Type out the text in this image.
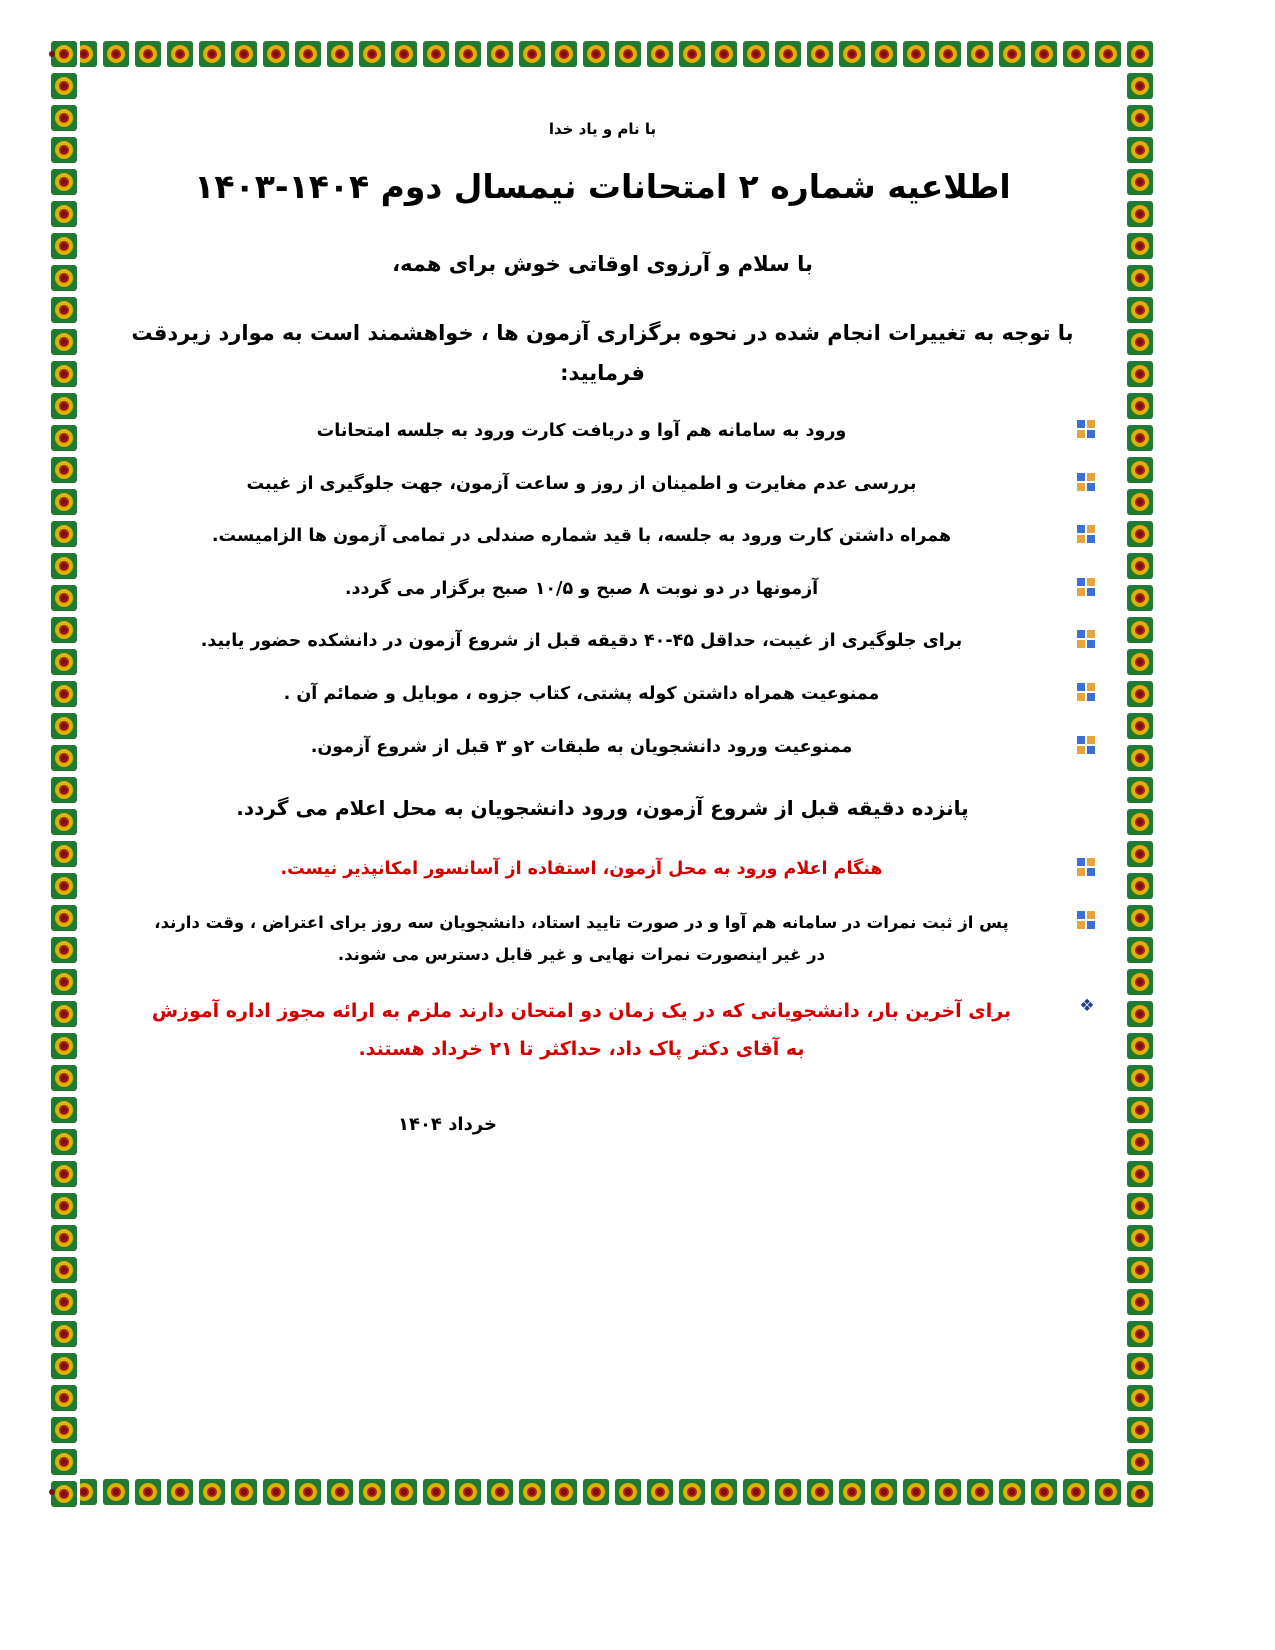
با نام و یاد خدا
اطلاعیه شماره ۲ امتحانات نیمسال دوم ۱۴۰۴-۱۴۰۳
با سلام و آرزوی اوقاتی خوش برای همه،
با توجه به تغییرات انجام شده در نحوه برگزاری آزمون ها ، خواهشمند است به موارد زیردقت فرمایید:
ورود به سامانه هم آوا و دریافت کارت ورود به جلسه امتحانات
بررسی عدم مغایرت و اطمینان از روز و ساعت آزمون، جهت جلوگیری از غیبت
همراه داشتن کارت ورود به جلسه، با قید شماره صندلی در تمامی آزمون ها الزامیست.
آزمونها در دو نوبت ۸ صبح و ۱۰/۵ صبح برگزار می گردد.
برای جلوگیری از غیبت، حداقل ۴۵-۴۰ دقیقه قبل از شروع آزمون در دانشکده حضور یابید.
ممنوعیت همراه داشتن کوله پشتی، کتاب جزوه ، موبایل و ضمائم آن .
ممنوعیت ورود دانشجویان به طبقات ۲و ۳ قبل از شروع آزمون.
پانزده دقیقه قبل از شروع آزمون، ورود دانشجویان به محل اعلام می گردد.
هنگام اعلام ورود به محل آزمون، استفاده از آسانسور امکانپذیر نیست.
پس از ثبت نمرات در سامانه هم آوا و در صورت تایید استاد، دانشجویان سه روز برای اعتراض ، وقت دارند،
در غیر اینصورت نمرات نهایی و غیر قابل دسترس می شوند.
❖
برای آخرین بار، دانشجویانی که در یک زمان دو امتحان دارند ملزم به ارائه مجوز اداره آموزش
به آقای دکتر پاک داد، حداکثر تا ۲۱ خرداد هستند.
خرداد ۱۴۰۴
